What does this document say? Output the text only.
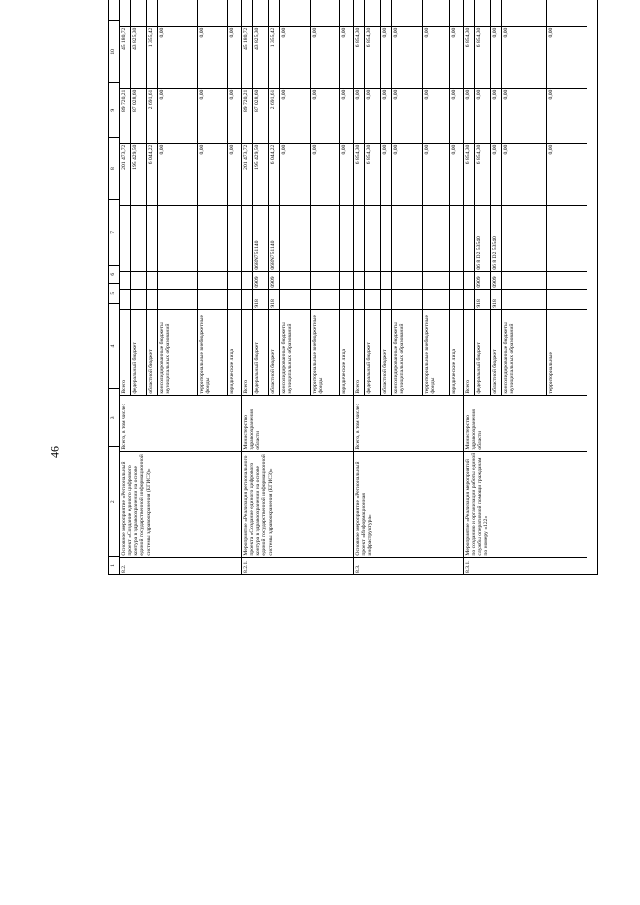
46
1
2
3
4
5
6
7
8
9
10
8.2.
Основное мероприятие «Региональный проект «Создание единого цифрового контура в здравоохранении на основе единой государственной информационной системы здравоохранения (ЕГИСЗ)»
Всего, в том числе:
Всего
201 473,72
89 720,21
45 180,72
федеральный бюджет
195 429,50
87 028,60
43 825,30
областной бюджет
6 044,22
2 691,61
1 355,42
консолидированные бюджеты муниципальных образований
0,00
0,00
0,00
территориальные внебюджетные фонды
0,00
0,00
0,00
юридические лица
0,00
0,00
0,00
8.2.1.
Мероприятие «Реализация регионального проекта «Создание единого цифрового контура в здравоохранении на основе единой государственной информационной системы здравоохранения (ЕГИСЗ)»
Министерство здравоохранения области
Всего
201 473,72
89 720,21
45 180,72
федеральный бюджет
918
0909
068N751140
195 429,50
87 028,60
43 825,30
областной бюджет
918
0909
068N751140
6 044,22
2 691,61
1 355,42
консолидированные бюджеты муниципальных образований
0,00
0,00
0,00
территориальные внебюджетные фонды
0,00
0,00
0,00
юридические лица
0,00
0,00
0,00
8.3.
Основное мероприятие «Региональный проект «Информационная инфраструктура»
Всего, в том числе:
Всего
6 854,30
0,00
6 854,30
федеральный бюджет
6 854,30
0,00
6 854,30
областной бюджет
0,00
0,00
0,00
консолидированные бюджеты муниципальных образований
0,00
0,00
0,00
территориальные внебюджетные фонды
0,00
0,00
0,00
юридические лица
0,00
0,00
0,00
8.3.1.
Мероприятие «Реализация мероприятий по созданию и организации работы единой службы оперативной помощи гражданам по номеру «122»
Министерство здравоохранения области
Всего
6 854,30
0,00
6 854,30
федеральный бюджет
918
0909
06 8 D2 53540
6 854,30
0,00
6 854,30
областной бюджет
918
0909
06 8 D2 53540
0,00
0,00
0,00
консолидированные бюджеты муниципальных образований
0,00
0,00
0,00
территориальные
0,00
0,00
0,00
